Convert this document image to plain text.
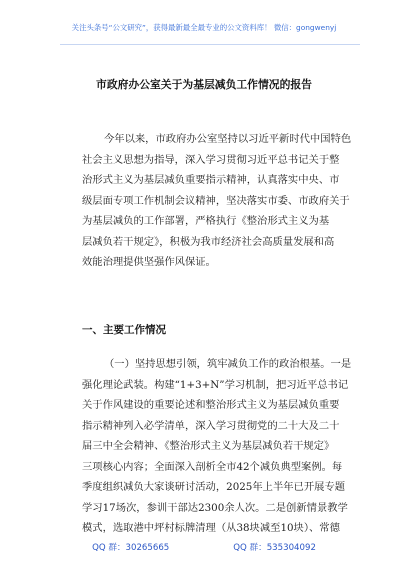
关注头条号“公文研究”，获得最新最全最专业的公文资料库！ 微信：gongwenyj
市政府办公室关于为基层减负工作情况的报告
今年以来，市政府办公室坚持以习近平新时代中国特色
社会主义思想为指导，深入学习贯彻习近平总书记关于整
治形式主义为基层减负重要指示精神，认真落实中央、市
级层面专项工作机制会议精神，坚决落实市委、市政府关于
为基层减负的工作部署，严格执行《整治形式主义为基
层减负若干规定》，积极为我市经济社会高质量发展和高
效能治理提供坚强作风保证。
一、主要工作情况
（一）坚持思想引领，筑牢减负工作的政治根基。一是
强化理论武装。构建“1+3+N”学习机制，把习近平总书记
关于作风建设的重要论述和整治形式主义为基层减负重要
指示精神列入必学清单，深入学习贯彻党的二十大及二十
届三中全会精神、《整治形式主义为基层减负若干规定》
三项核心内容；全面深入剖析全市42个减负典型案例。每
季度组织减负大家谈研讨活动，2025年上半年已开展专题
学习17场次，参训干部达2300余人次。二是创新情景教学
模式，选取港中坪村标牌清理（从38块减至10块）、常德
QQ 群：30265665	QQ 群：535304092
